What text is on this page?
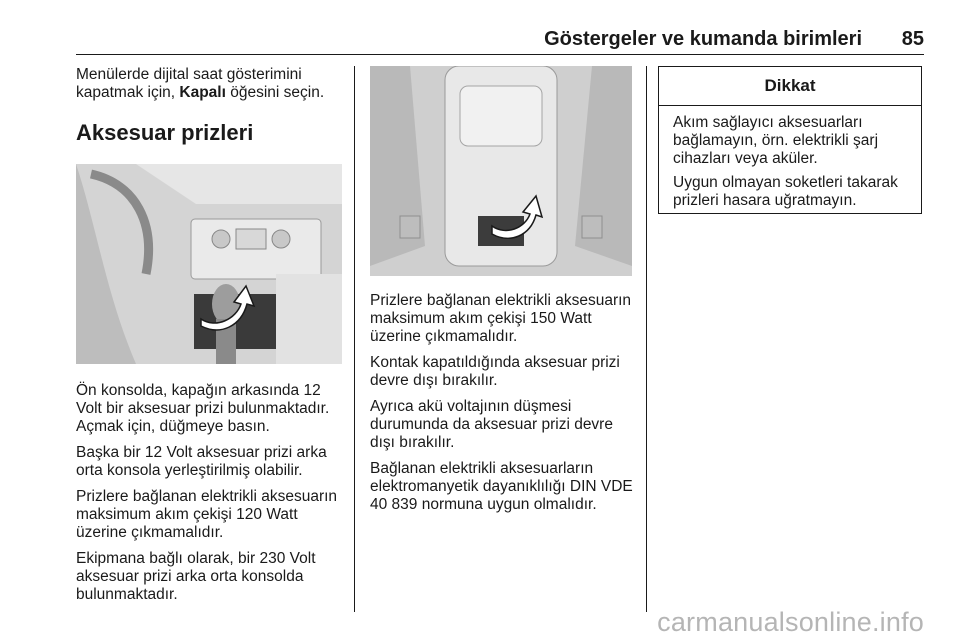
Göstergeler ve kumanda birimleri 85

Menülerde dijital saat gösterimini kapatmak için, Kapalı öğesini seçin.

Aksesuar prizleri

Ön konsolda, kapağın arkasında 12 Volt bir aksesuar prizi bulunmaktadır. Açmak için, düğmeye basın.

Başka bir 12 Volt aksesuar prizi arka orta konsola yerleştirilmiş olabilir.

Prizlere bağlanan elektrikli aksesuarın maksimum akım çekişi 120 Watt üzerine çıkmamalıdır.

Ekipmana bağlı olarak, bir 230 Volt aksesuar prizi arka orta konsolda bulunmaktadır.

Prizlere bağlanan elektrikli aksesuarın maksimum akım çekişi 150 Watt üzerine çıkmamalıdır.

Kontak kapatıldığında aksesuar prizi devre dışı bırakılır.

Ayrıca akü voltajının düşmesi durumunda da aksesuar prizi devre dışı bırakılır.

Bağlanan elektrikli aksesuarların elektromanyetik dayanıklılığı DIN VDE 40 839 normuna uygun olmalıdır.

Dikkat

Akım sağlayıcı aksesuarları bağlamayın, örn. elektrikli şarj cihazları veya aküler.

Uygun olmayan soketleri takarak prizleri hasara uğratmayın.

carmanualsonline.info
